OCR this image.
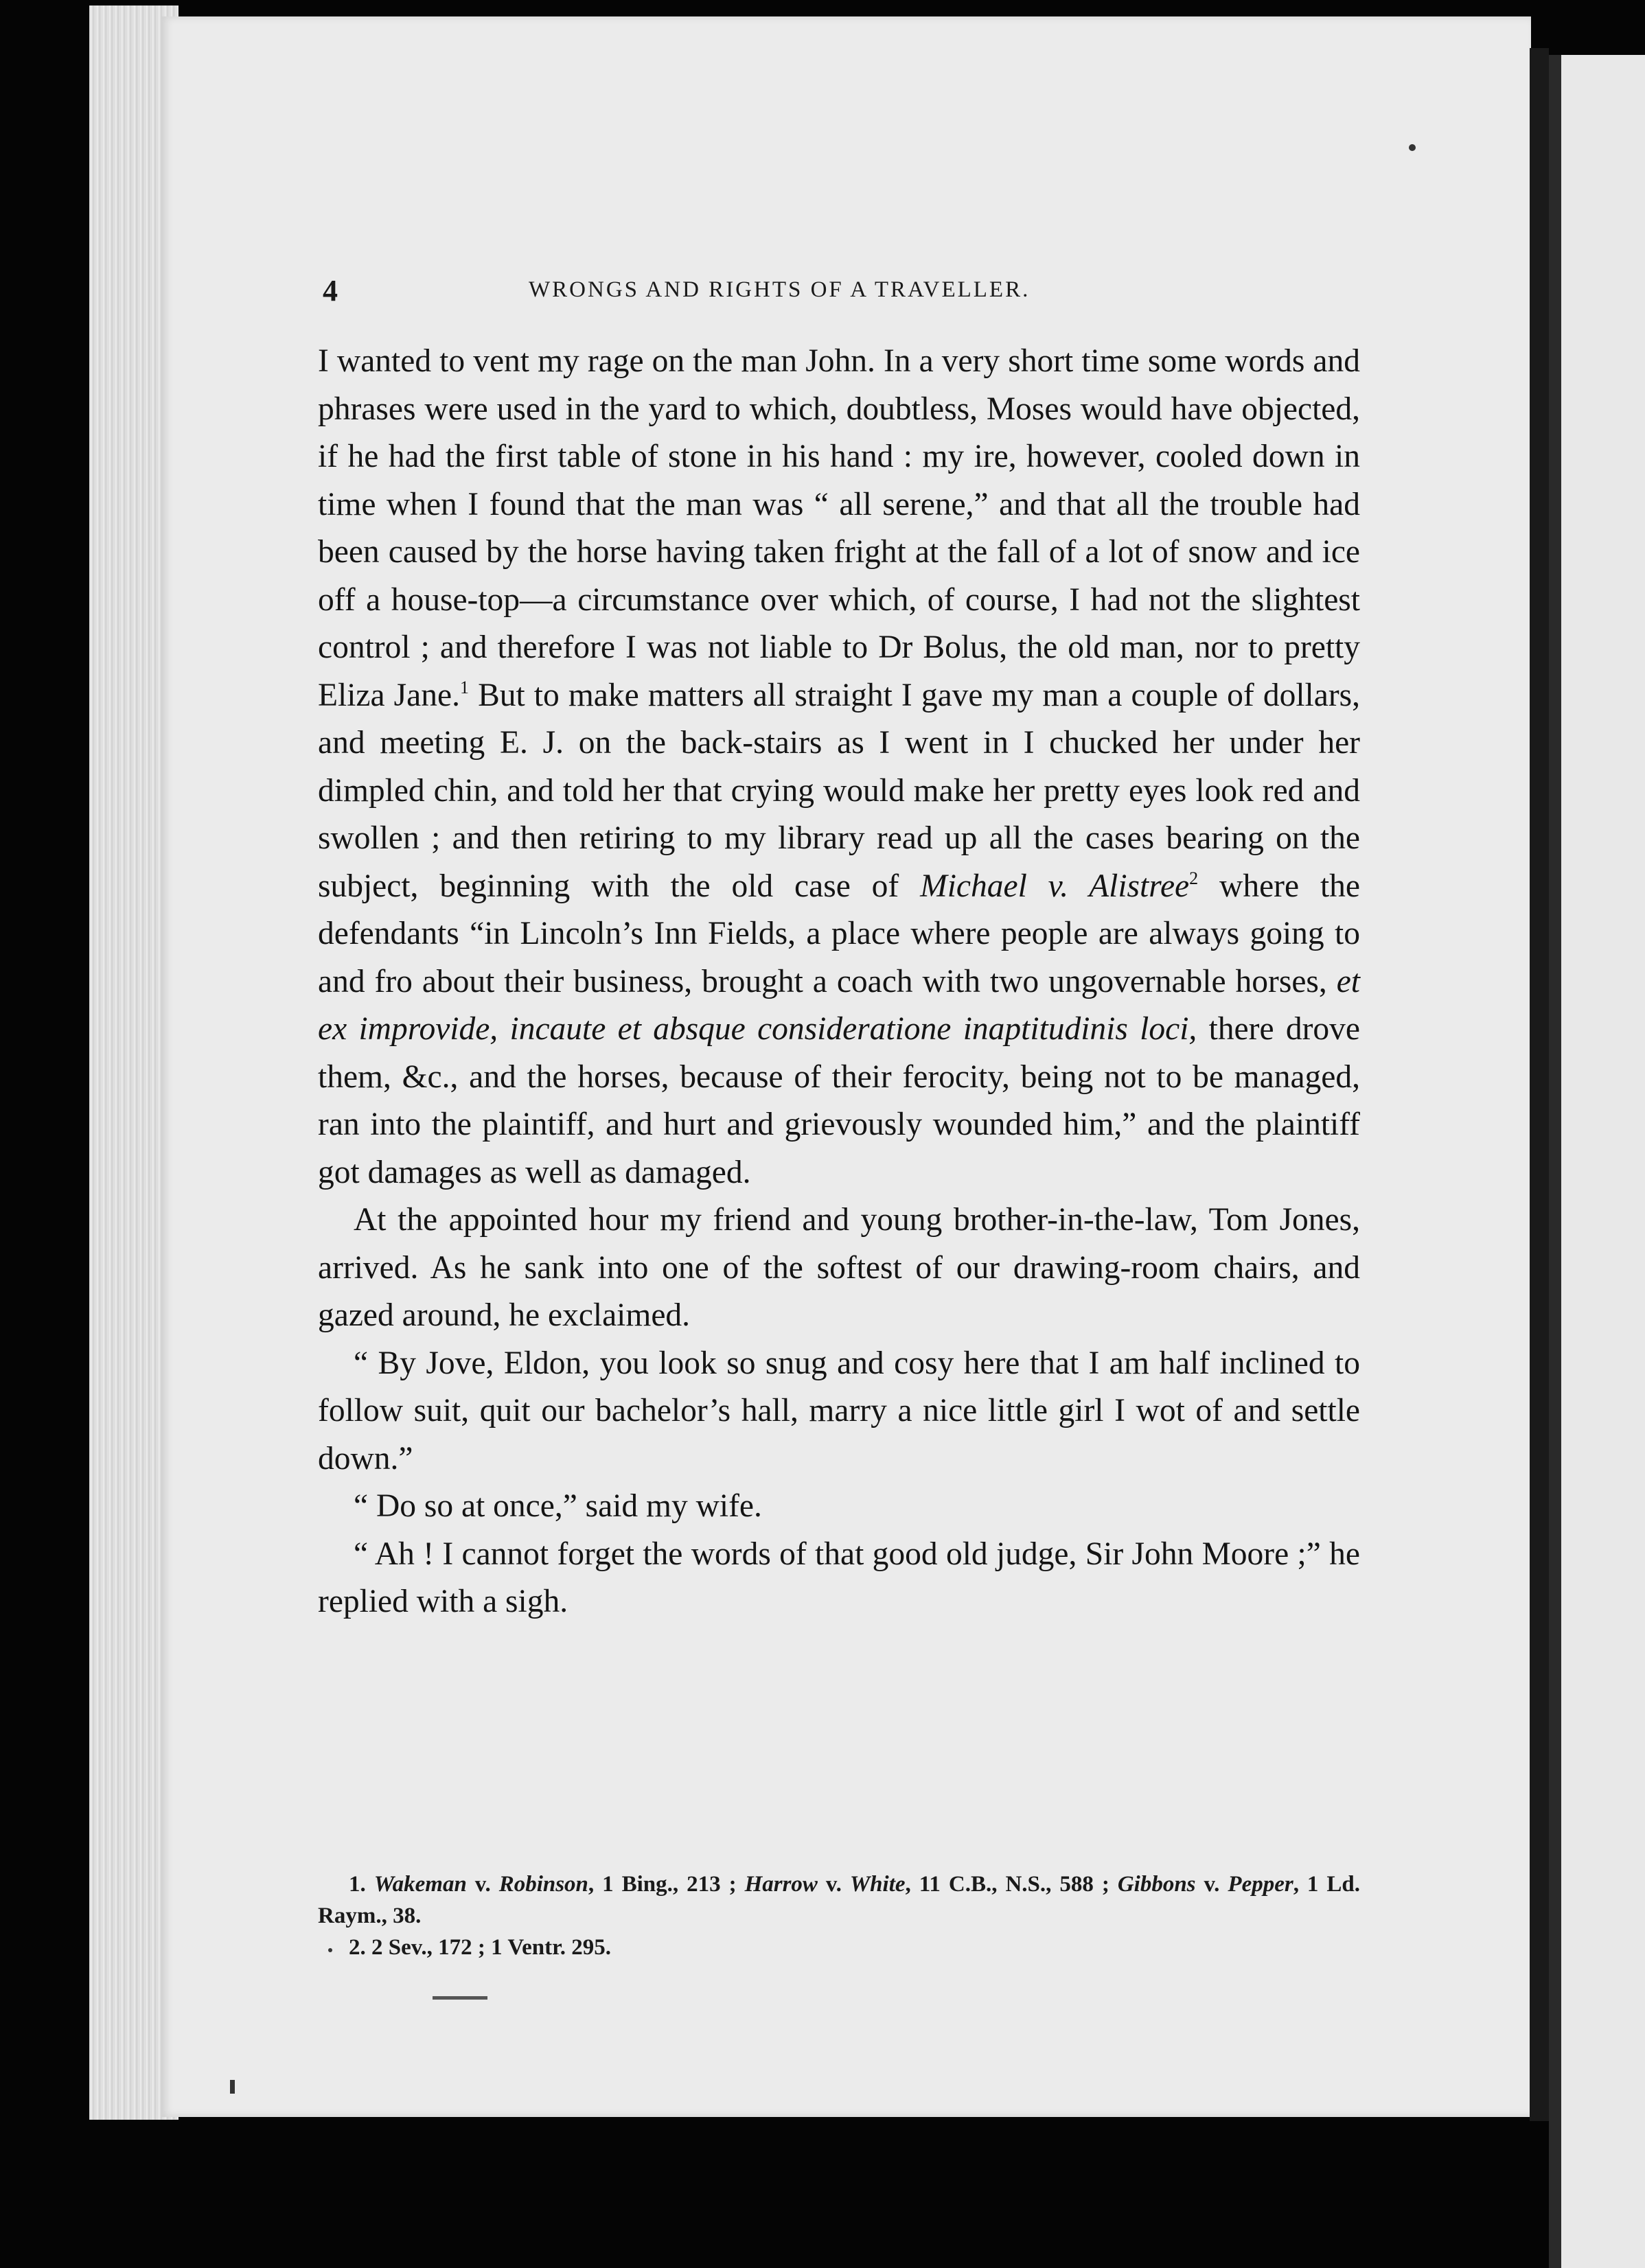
4	WRONGS AND RIGHTS OF A TRAVELLER.

I wanted to vent my rage on the man John. In a very short time some words and phrases were used in the yard to which, doubtless, Moses would have objected, if he had the first table of stone in his hand : my ire, however, cooled down in time when I found that the man was “ all serene,” and that all the trouble had been caused by the horse having taken fright at the fall of a lot of snow and ice off a house-top—a circumstance over which, of course, I had not the slightest control ; and therefore I was not liable to Dr Bolus, the old man, nor to pretty Eliza Jane.$^1$ But to make matters all straight I gave my man a couple of dollars, and meeting E. J. on the back-stairs as I went in I chucked her under her dimpled chin, and told her that crying would make her pretty eyes look red and swollen ; and then retiring to my library read up all the cases bearing on the subject, beginning with the old case of Michael v. Alistree$^2$ where the defendants “in Lincoln’s Inn Fields, a place where people are always going to and fro about their business, brought a coach with two ungovernable horses, et ex improvide, incaute et absque consideratione inaptitudinis loci, there drove them, &c., and the horses, because of their ferocity, being not to be managed, ran into the plaintiff, and hurt and grievously wounded him,” and the plaintiff got damages as well as damaged.

At the appointed hour my friend and young brother-in-the-law, Tom Jones, arrived. As he sank into one of the softest of our drawing-room chairs, and gazed around, he exclaimed.

“ By Jove, Eldon, you look so snug and cosy here that I am half inclined to follow suit, quit our bachelor’s hall, marry a nice little girl I wot of and settle down.”

“ Do so at once,” said my wife.

“ Ah ! I cannot forget the words of that good old judge, Sir John Moore ;” he replied with a sigh.

1. Wakeman v. Robinson, 1 Bing., 213 ; Harrow v. White, 11 C.B., N.S., 588 ; Gibbons v. Pepper, 1 Ld. Raym., 38.

2. 2 Sev., 172 ; 1 Ventr. 295.
